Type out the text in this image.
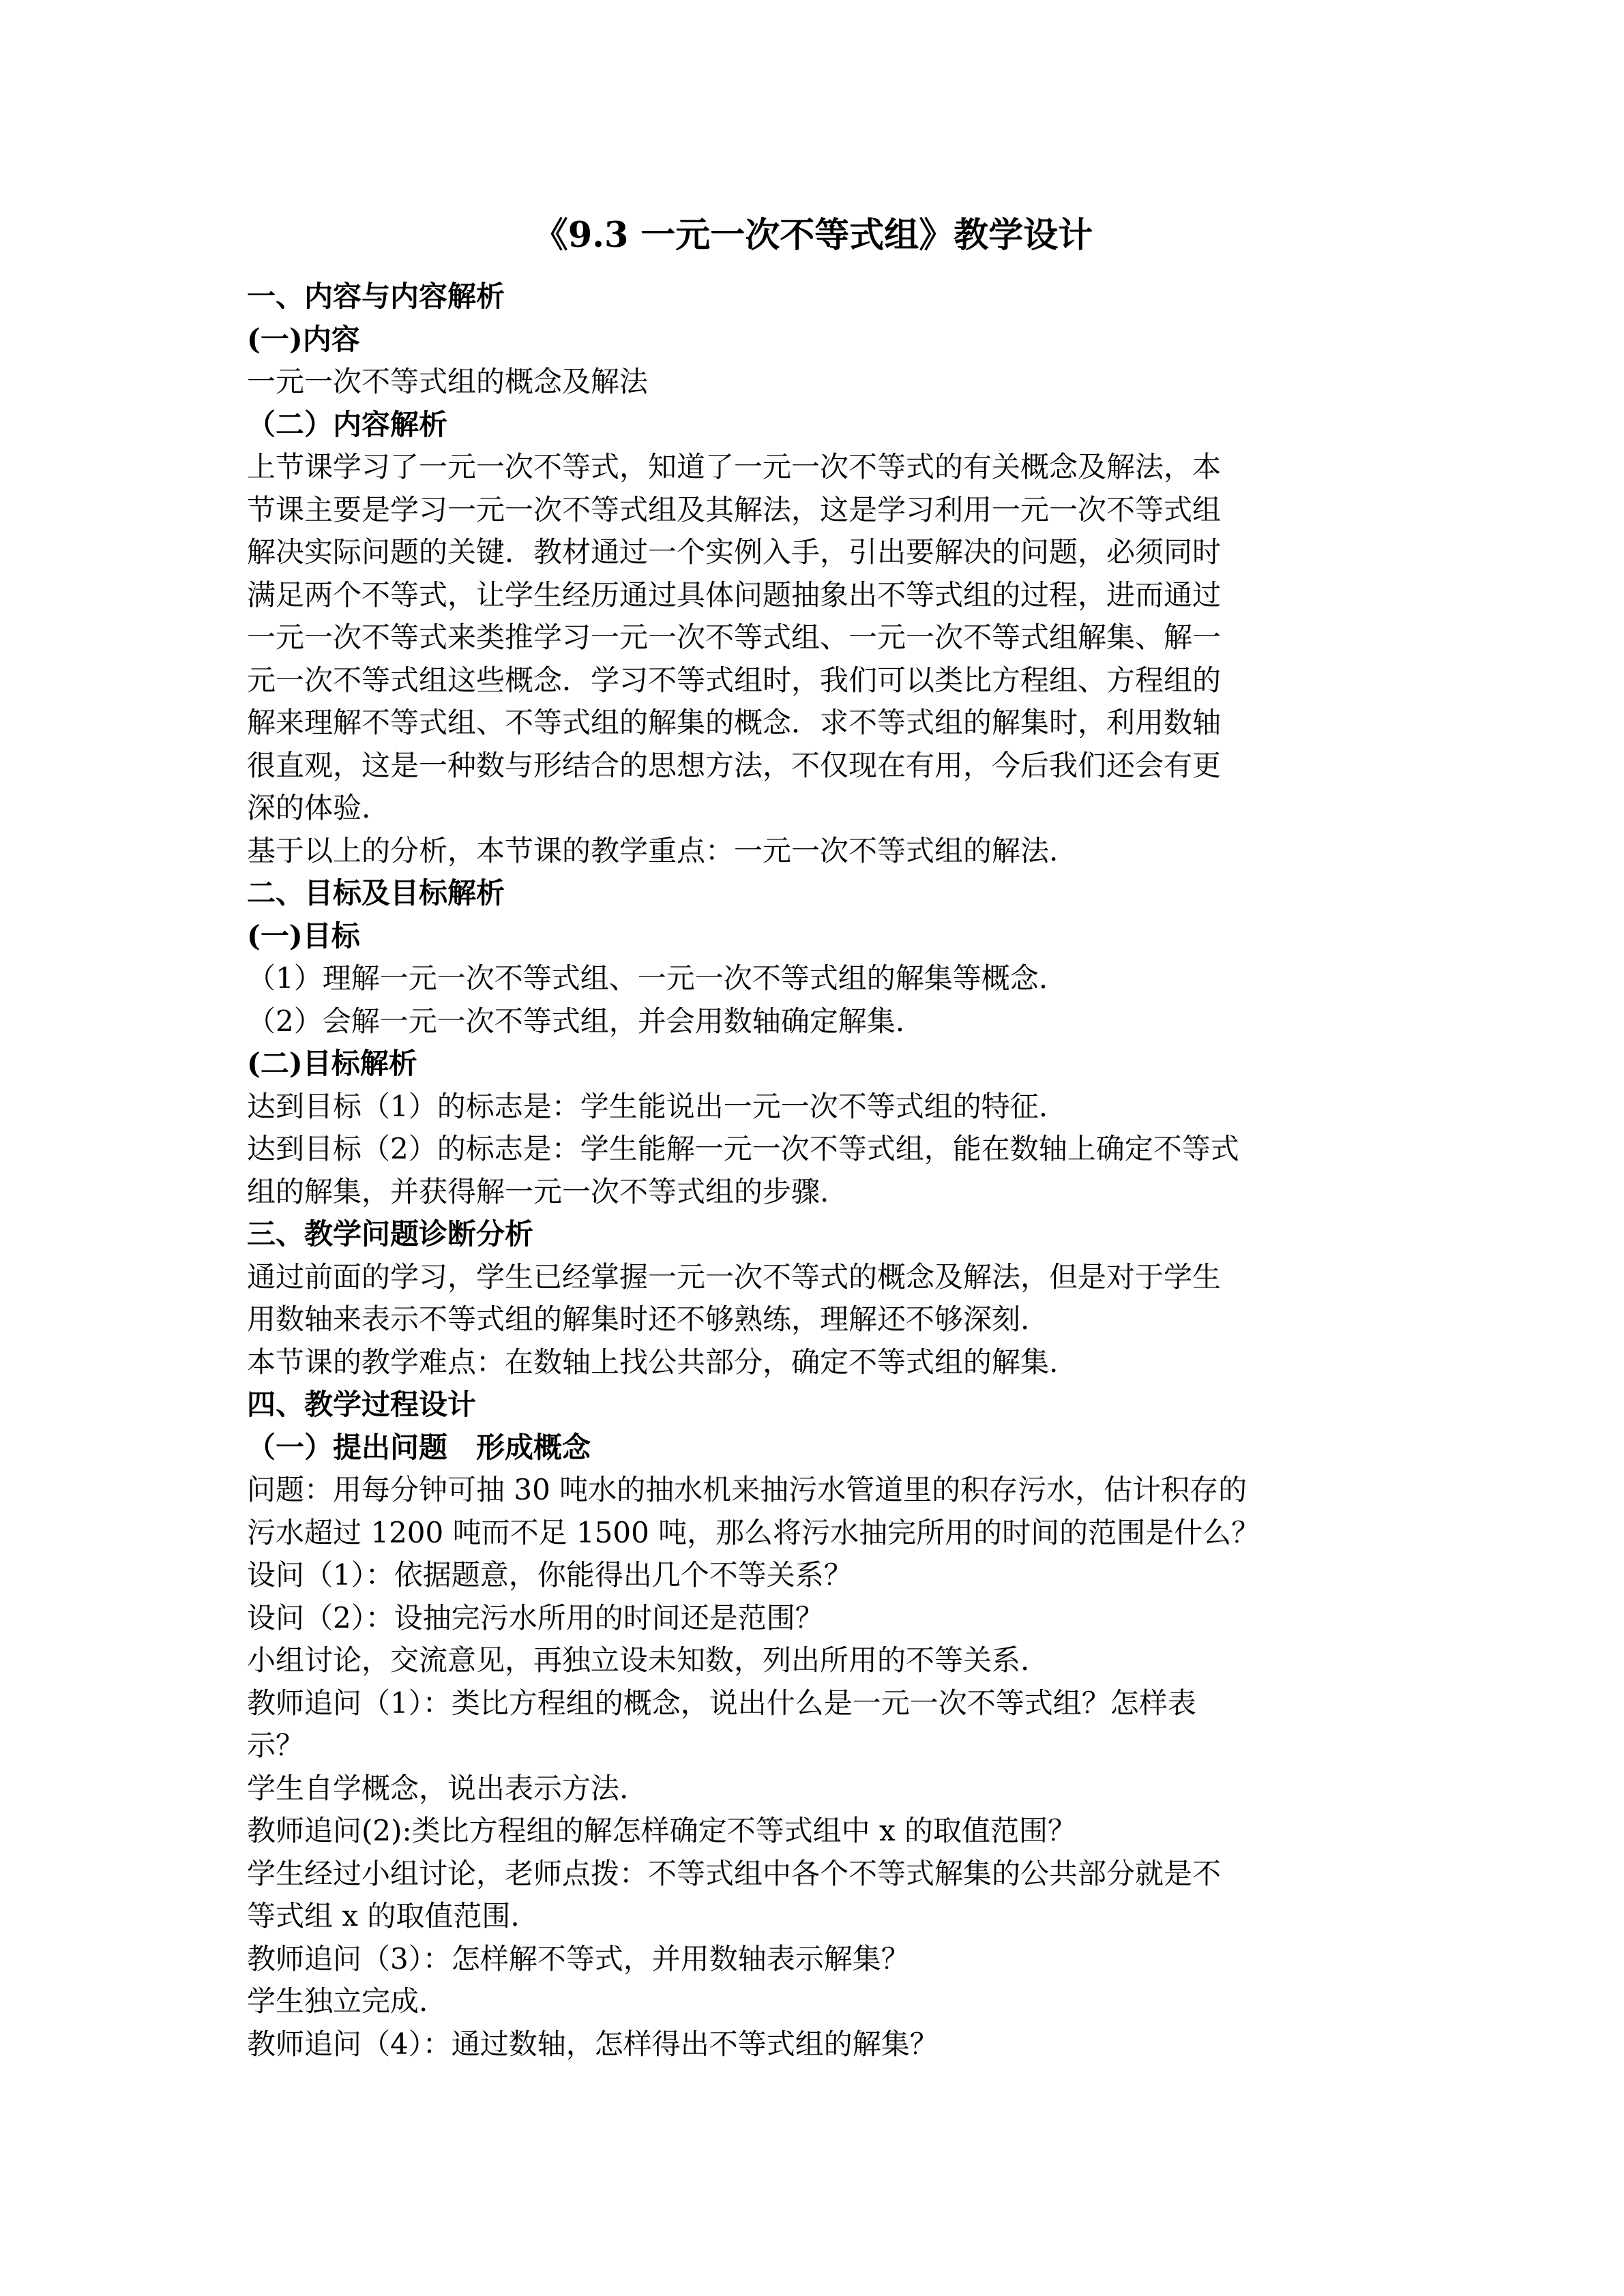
《9.3 一元一次不等式组》教学设计
一、内容与内容解析
(一)内容
一元一次不等式组的概念及解法
（二）内容解析
上节课学习了一元一次不等式，知道了一元一次不等式的有关概念及解法，本
节课主要是学习一元一次不等式组及其解法，这是学习利用一元一次不等式组
解决实际问题的关键．教材通过一个实例入手，引出要解决的问题，必须同时
满足两个不等式，让学生经历通过具体问题抽象出不等式组的过程，进而通过
一元一次不等式来类推学习一元一次不等式组、一元一次不等式组解集、解一
元一次不等式组这些概念．学习不等式组时，我们可以类比方程组、方程组的
解来理解不等式组、不等式组的解集的概念．求不等式组的解集时，利用数轴
很直观，这是一种数与形结合的思想方法，不仅现在有用，今后我们还会有更
深的体验.
基于以上的分析，本节课的教学重点：一元一次不等式组的解法.
二、目标及目标解析
(一)目标
（1）理解一元一次不等式组、一元一次不等式组的解集等概念.
（2）会解一元一次不等式组，并会用数轴确定解集.
(二)目标解析
达到目标（1）的标志是：学生能说出一元一次不等式组的特征.
达到目标（2）的标志是：学生能解一元一次不等式组，能在数轴上确定不等式
组的解集，并获得解一元一次不等式组的步骤.
三、教学问题诊断分析
通过前面的学习，学生已经掌握一元一次不等式的概念及解法，但是对于学生
用数轴来表示不等式组的解集时还不够熟练，理解还不够深刻.
本节课的教学难点：在数轴上找公共部分，确定不等式组的解集.
四、教学过程设计
（一）提出问题　形成概念
问题：用每分钟可抽 30 吨水的抽水机来抽污水管道里的积存污水，估计积存的
污水超过 1200 吨而不足 1500 吨，那么将污水抽完所用的时间的范围是什么？
设问（1）：依据题意，你能得出几个不等关系？
设问（2）：设抽完污水所用的时间还是范围？
小组讨论，交流意见，再独立设未知数，列出所用的不等关系.
教师追问（1）：类比方程组的概念，说出什么是一元一次不等式组？怎样表
示？
学生自学概念，说出表示方法.
教师追问(2):类比方程组的解怎样确定不等式组中 x 的取值范围？
学生经过小组讨论，老师点拨：不等式组中各个不等式解集的公共部分就是不
等式组 x 的取值范围.
教师追问（3）：怎样解不等式，并用数轴表示解集？
学生独立完成.
教师追问（4）：通过数轴，怎样得出不等式组的解集？
